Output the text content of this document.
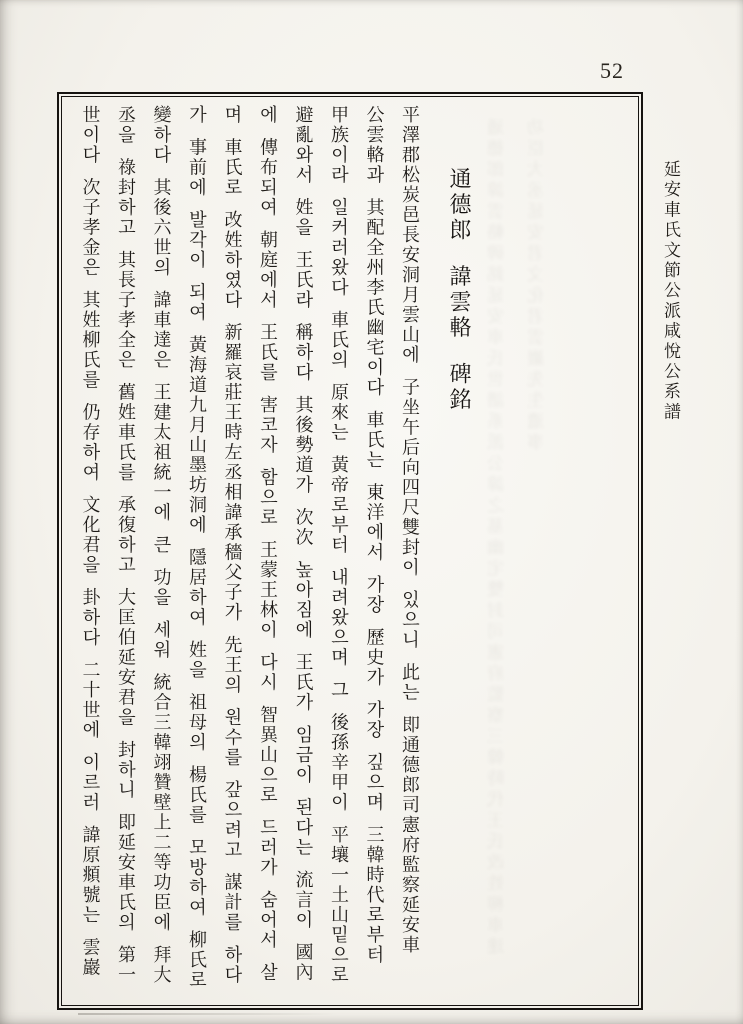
52
延安車氏文節公派咸悅公系譜
通德郎諱雲輅碑銘延安車氏世譜系派公諱之墓幽宅雙封司憲府監察三韓時代王氏改姓柳車達功臣大丞延安君文化君雲巖先生遺事
通德郎 諱雲輅 碑銘
平澤郡松炭邑長安洞月雲山에 子坐午后向四尺雙封이 있으니 此는 即通德郎司憲府監察延安車
公雲輅과 其配全州李氏幽宅이다 車氏는 東洋에서 가장 歷史가 가장 깊으며 三韓時代로부터
甲族이라 일커러왔다 車氏의 原來는 黃帝로부터 내려왔으며 그 後孫辛甲이 平壤一土山밑으로
避亂와서 姓을 王氏라 稱하다 其後勢道가 次次 높아짐에 王氏가 임금이 된다는 流言이 國內
에 傳布되여 朝庭에서 王氏를 害코자 함으로 王蒙王林이 다시 智異山으로 드러가 숨어서 살
며 車氏로 改姓하였다 新羅哀莊王時左丞相諱承穡父子가 先王의 원수를 갚으려고 謀計를 하다
가 事前에 발각이 되여 黃海道九月山墨坊洞에 隱居하여 姓을 祖母의 楊氏를 모방하여 柳氏로
變하다 其後六世의 諱車達은 王建太祖統一에 큰 功을 세워 統合三韓翊贊壁上二等功臣에 拜大
丞을 祿封하고 其長子孝全은 舊姓車氏를 承復하고 大匡伯延安君을 封하니 即延安車氏의 第一
世이다 次子孝金은 其姓柳氏를 仍存하여 文化君을 卦하다 二十世에 이르러 諱原頫號는 雲巖
